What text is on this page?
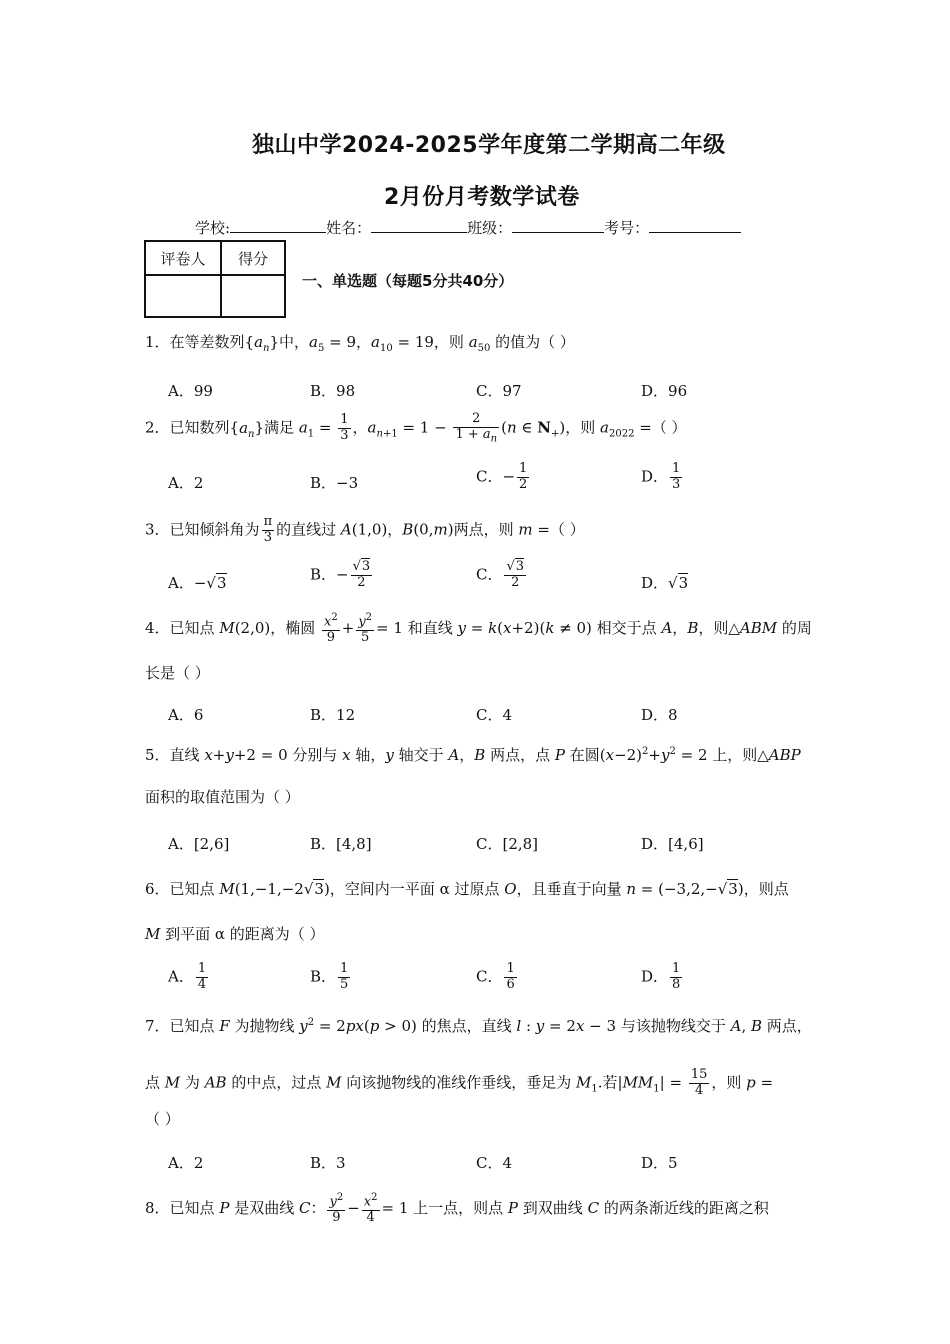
独山中学2024-2025学年度第二学期高二年级
2月份月考数学试卷
学校:	姓名：	班级：	考号：
评卷人	得分

一、单选题（每题5分共40分）
1．在等差数列$\{a_n\}$中，$a_5 = 9$，$a_{10} = 19$，则 $a_{50}$ 的值为（ ）
A．99	B．98	C．97	D．96
2．已知数列$\{a_n\}$满足 $a_1 = \frac{1}{3}$ ，$a_{n+1} = 1 - \frac{2}{1 + a_n} (n$ ∈ $N_+$)，则 $a_{2022}$ =（ ）
A．2	B．−3	C．− $\frac{1}{2}$	D． $\frac{1}{3}$
3．已知倾斜角为 $\frac{\pi}{3}$ 的直线过 A(1,0)，B(0,m)两点，则 m =（ ）
A．−√3	B．− $\frac{√3}{2}$	C． $\frac{√3}{2}$	D．√3
4．已知点 M(2,0)，椭圆 $\frac{x^2}{9} + \frac{y^2}{5} = 1$ 和直线 y = k(x+2)(k ≠ 0) 相交于点 A，B，则△ABM 的周
长是（ ）
A．6	B．12	C．4	D．8
5．直线 x+y+2 = 0 分别与 x 轴，y 轴交于 A，B 两点，点 P 在圆$(x-2)^2+y^2 = 2$ 上，则△ABP
面积的取值范围为（ ）
A．[2,6]	B．[4,8]	C．[2,8]	D．[4,6]
6．已知点 M(1,−1,−2√3)，空间内一平面 α 过原点 O，且垂直于向量 n = (−3,2,−√3)，则点
M 到平面 α 的距离为（ ）
A． $\frac{1}{4}$	B． $\frac{1}{5}$	C． $\frac{1}{6}$	D． $\frac{1}{8}$
7．已知点 F 为抛物线 $y^2 = 2px(p > 0)$ 的焦点，直线 l : y = 2x − 3 与该抛物线交于 A, B 两点，
点 M 为 AB 的中点，过点 M 向该抛物线的准线作垂线，垂足为 $M_1$.若$|MM_1| = \frac{15}{4}$ ，则 p =
（ ）
A．2	B．3	C．4	D．5
8．已知点 P 是双曲线 C： $\frac{y^2}{9} - \frac{x^2}{4} = 1$ 上一点，则点 P 到双曲线 C 的两条渐近线的距离之积
